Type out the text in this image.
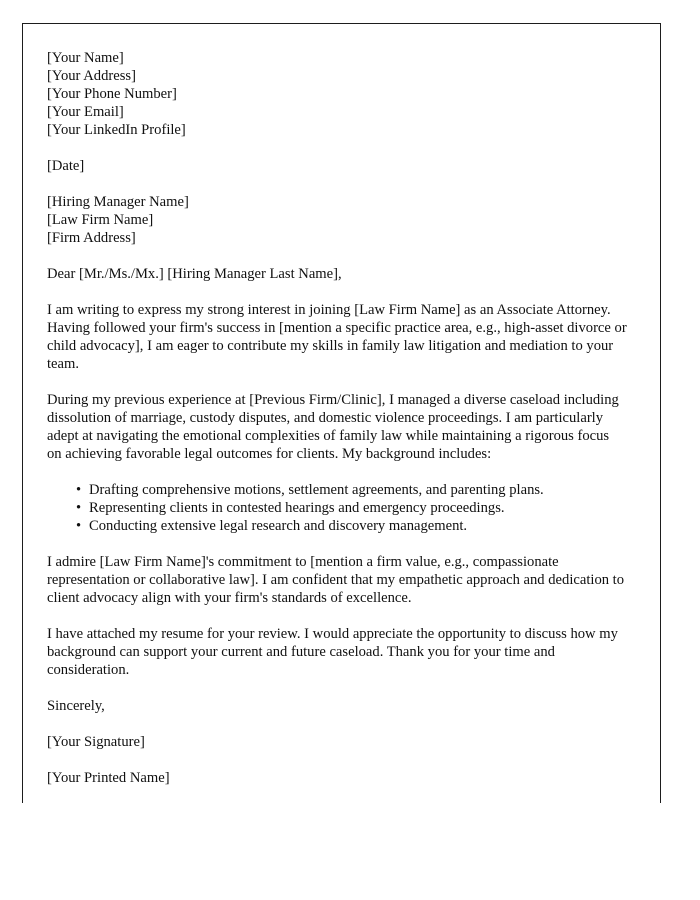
[Your Name]
[Your Address]
[Your Phone Number]
[Your Email]
[Your LinkedIn Profile]
[Date]
[Hiring Manager Name]
[Law Firm Name]
[Firm Address]

Dear [Mr./Ms./Mx.] [Hiring Manager Last Name],

I am writing to express my strong interest in joining [Law Firm Name] as an Associate Attorney. Having followed your firm's success in [mention a specific practice area, e.g., high-asset divorce or child advocacy], I am eager to contribute my skills in family law litigation and mediation to your team.

During my previous experience at [Previous Firm/Clinic], I managed a diverse caseload including dissolution of marriage, custody disputes, and domestic violence proceedings. I am particularly adept at navigating the emotional complexities of family law while maintaining a rigorous focus on achieving favorable legal outcomes for clients. My background includes:

• Drafting comprehensive motions, settlement agreements, and parenting plans.
• Representing clients in contested hearings and emergency proceedings.
• Conducting extensive legal research and discovery management.

I admire [Law Firm Name]'s commitment to [mention a firm value, e.g., compassionate representation or collaborative law]. I am confident that my empathetic approach and dedication to client advocacy align with your firm's standards of excellence.

I have attached my resume for your review. I would appreciate the opportunity to discuss how my background can support your current and future caseload. Thank you for your time and consideration.

Sincerely,
[Your Signature]
[Your Printed Name]
